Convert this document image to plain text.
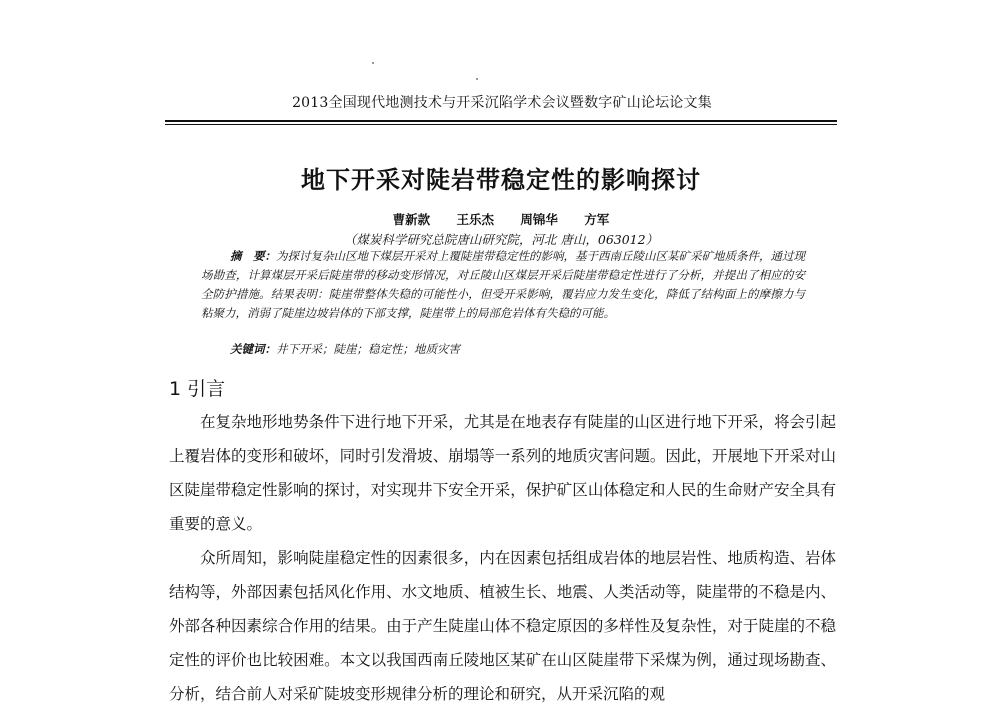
2013全国现代地测技术与开采沉陷学术会议暨数字矿山论坛论文集
地下开采对陡岩带稳定性的影响探讨
曹新款 王乐杰 周锦华 方军
（煤炭科学研究总院唐山研究院，河北 唐山，063012）
摘　要：为探讨复杂山区地下煤层开采对上覆陡崖带稳定性的影响，基于西南丘陵山区某矿采矿地质条件，通过现场勘查，计算煤层开采后陡崖带的移动变形情况，对丘陵山区煤层开采后陡崖带稳定性进行了分析，并提出了相应的安全防护措施。结果表明：陡崖带整体失稳的可能性小，但受开采影响，覆岩应力发生变化，降低了结构面上的摩擦力与粘聚力，消弱了陡崖边坡岩体的下部支撑，陡崖带上的局部危岩体有失稳的可能。
关键词：井下开采；陡崖；稳定性；地质灾害
1 引言

在复杂地形地势条件下进行地下开采，尤其是在地表存有陡崖的山区进行地下开采，将会引起上覆岩体的变形和破坏，同时引发滑坡、崩塌等一系列的地质灾害问题。因此，开展地下开采对山区陡崖带稳定性影响的探讨，对实现井下安全开采，保护矿区山体稳定和人民的生命财产安全具有重要的意义。

众所周知，影响陡崖稳定性的因素很多，内在因素包括组成岩体的地层岩性、地质构造、岩体结构等，外部因素包括风化作用、水文地质、植被生长、地震、人类活动等，陡崖带的不稳是内、外部各种因素综合作用的结果。由于产生陡崖山体不稳定原因的多样性及复杂性，对于陡崖的不稳定性的评价也比较困难。本文以我国西南丘陵地区某矿在山区陡崖带下采煤为例，通过现场勘查、分析，结合前人对采矿陡坡变形规律分析的理论和研究，从开采沉陷的观
